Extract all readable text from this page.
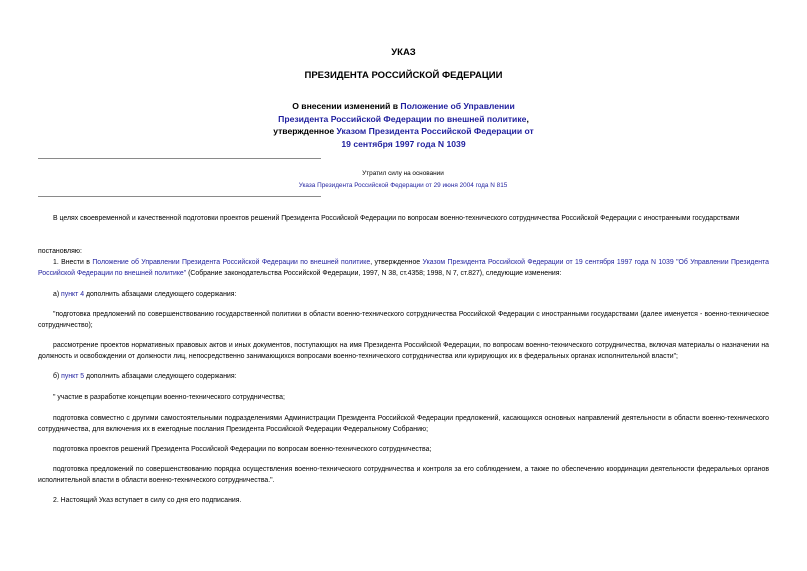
УКАЗ
ПРЕЗИДЕНТА РОССИЙСКОЙ ФЕДЕРАЦИИ
О внесении изменений в Положение об Управлении Президента Российской Федерации по внешней политике, утвержденное Указом Президента Российской Федерации от 19 сентября 1997 года N 1039
Утратил силу на основании
Указа Президента Российской Федерации от 29 июня 2004 года N 815
В целях своевременной и качественной подготовки проектов решений Президента Российской Федерации по вопросам военно-технического сотрудничества Российской Федерации с иностранными государствами
постановляю:
1. Внести в Положение об Управлении Президента Российской Федерации по внешней политике, утвержденное Указом Президента Российской Федерации от 19 сентября 1997 года N 1039 "Об Управлении Президента Российской Федерации по внешней политике" (Собрание законодательства Российской Федерации, 1997, N 38, ст.4358; 1998, N 7, ст.827), следующие изменения:
а) пункт 4 дополнить абзацами следующего содержания:
"подготовка предложений по совершенствованию государственной политики в области военно-технического сотрудничества Российской Федерации с иностранными государствами (далее именуется - военно-техническое сотрудничество);
рассмотрение проектов нормативных правовых актов и иных документов, поступающих на имя Президента Российской Федерации, по вопросам военно-технического сотрудничества, включая материалы о назначении на должность и освобождении от должности лиц, непосредственно занимающихся вопросами военно-технического сотрудничества или курирующих их в федеральных органах исполнительной власти";
б) пункт 5 дополнить абзацами следующего содержания:
" участие в разработке концепции военно-технического сотрудничества;
подготовка совместно с другими самостоятельными подразделениями Администрации Президента Российской Федерации предложений, касающихся основных направлений деятельности в области военно-технического сотрудничества, для включения их в ежегодные послания Президента Российской Федерации Федеральному Собранию;
подготовка проектов решений Президента Российской Федерации по вопросам военно-технического сотрудничества;
подготовка предложений по совершенствованию порядка осуществления военно-технического сотрудничества и контроля за его соблюдением, а также по обеспечению координации деятельности федеральных органов исполнительной власти в области военно-технического сотрудничества.".
2. Настоящий Указ вступает в силу со дня его подписания.
